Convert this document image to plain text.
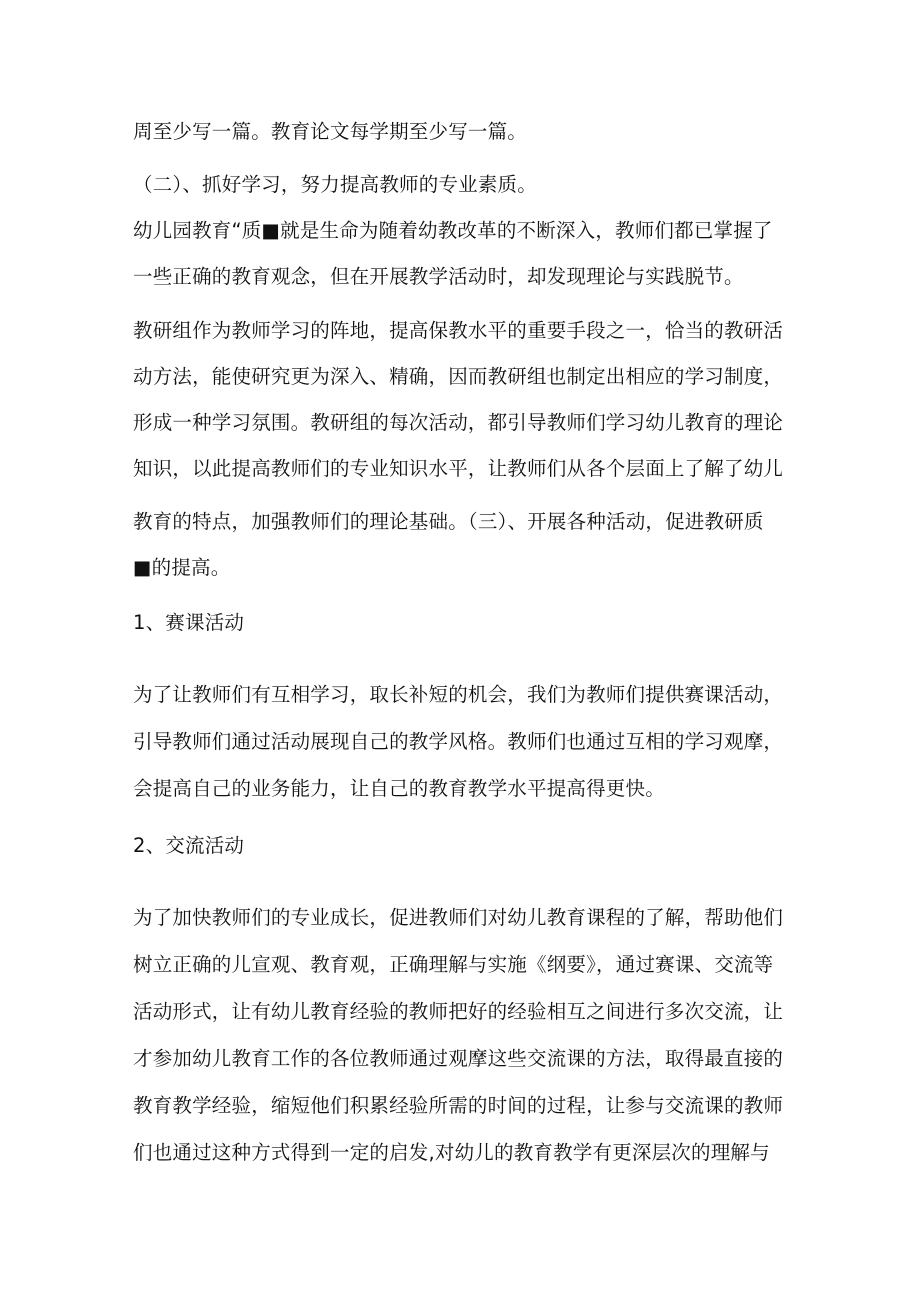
周至少写一篇。教育论文每学期至少写一篇。
（二）、抓好学习，努力提高教师的专业素质。
幼儿园教育“质■就是生命为随着幼教改革的不断深入，教师们都已掌握了
一些正确的教育观念，但在开展教学活动时，却发现理论与实践脱节。
教研组作为教师学习的阵地，提高保教水平的重要手段之一，恰当的教研活
动方法，能使研究更为深入、精确，因而教研组也制定出相应的学习制度，
形成一种学习氛围。教研组的每次活动，都引导教师们学习幼儿教育的理论
知识，以此提高教师们的专业知识水平，让教师们从各个层面上了解了幼儿
教育的特点，加强教师们的理论基础。（三）、开展各种活动，促进教研质
■的提高。
1、赛课活动
为了让教师们有互相学习，取长补短的机会，我们为教师们提供赛课活动，
引导教师们通过活动展现自己的教学风格。教师们也通过互相的学习观摩，
会提高自己的业务能力，让自己的教育教学水平提高得更快。
2、交流活动
为了加快教师们的专业成长，促进教师们对幼儿教育课程的了解，帮助他们
树立正确的儿宣观、教育观，正确理解与实施《纲要》，通过赛课、交流等
活动形式，让有幼儿教育经验的教师把好的经验相互之间进行多次交流，让
才参加幼儿教育工作的各位教师通过观摩这些交流课的方法，取得最直接的
教育教学经验，缩短他们积累经验所需的时间的过程，让参与交流课的教师
们也通过这种方式得到一定的启发,对幼儿的教育教学有更深层次的理解与
